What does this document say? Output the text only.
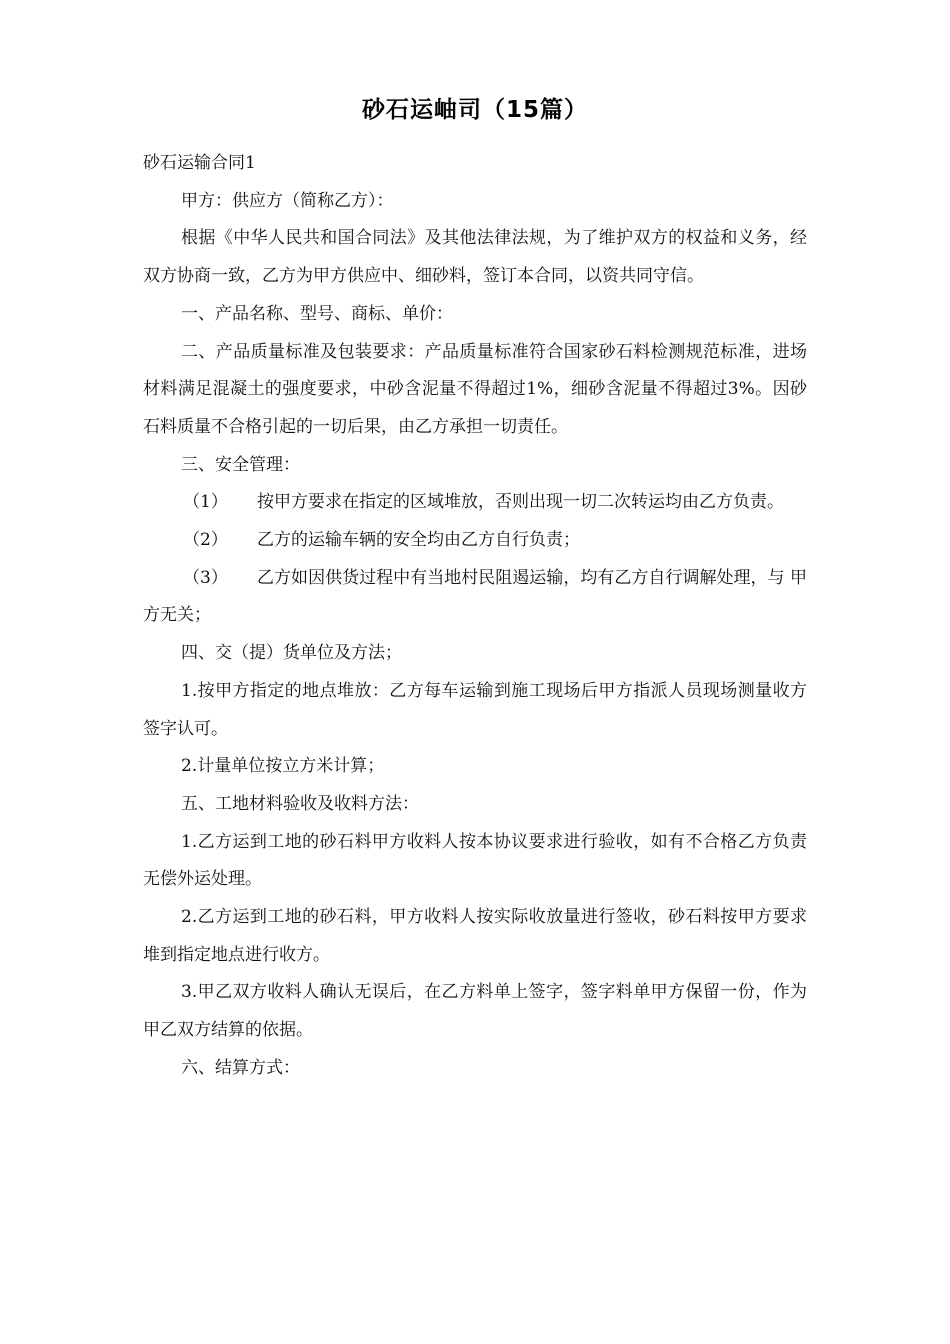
砂石运岫司（15篇）

砂石运输合同1

甲方：供应方（简称乙方）：

根据《中华人民共和国合同法》及其他法律法规，为了维护双方的权益和义务，经双方协商一致，乙方为甲方供应中、细砂料，签订本合同，以资共同守信。

一、产品名称、型号、商标、单价：

二、产品质量标准及包装要求：产品质量标准符合国家砂石料检测规范标准，进场材料满足混凝土的强度要求，中砂含泥量不得超过1%，细砂含泥量不得超过3%。因砂石料质量不合格引起的一切后果，由乙方承担一切责任。

三、安全管理：

（1） 按甲方要求在指定的区域堆放，否则出现一切二次转运均由乙方负责。

（2） 乙方的运输车辆的安全均由乙方自行负责；

（3） 乙方如因供货过程中有当地村民阻遏运输，均有乙方自行调解处理，与 甲方无关；

四、交（提）货单位及方法；

1.按甲方指定的地点堆放：乙方每车运输到施工现场后甲方指派人员现场测量收方签字认可。

2.计量单位按立方米计算；

五、工地材料验收及收料方法：

1.乙方运到工地的砂石料甲方收料人按本协议要求进行验收，如有不合格乙方负责无偿外运处理。

2.乙方运到工地的砂石料，甲方收料人按实际收放量进行签收，砂石料按甲方要求堆到指定地点进行收方。

3.甲乙双方收料人确认无误后，在乙方料单上签字，签字料单甲方保留一份，作为甲乙双方结算的依据。

六、结算方式：
